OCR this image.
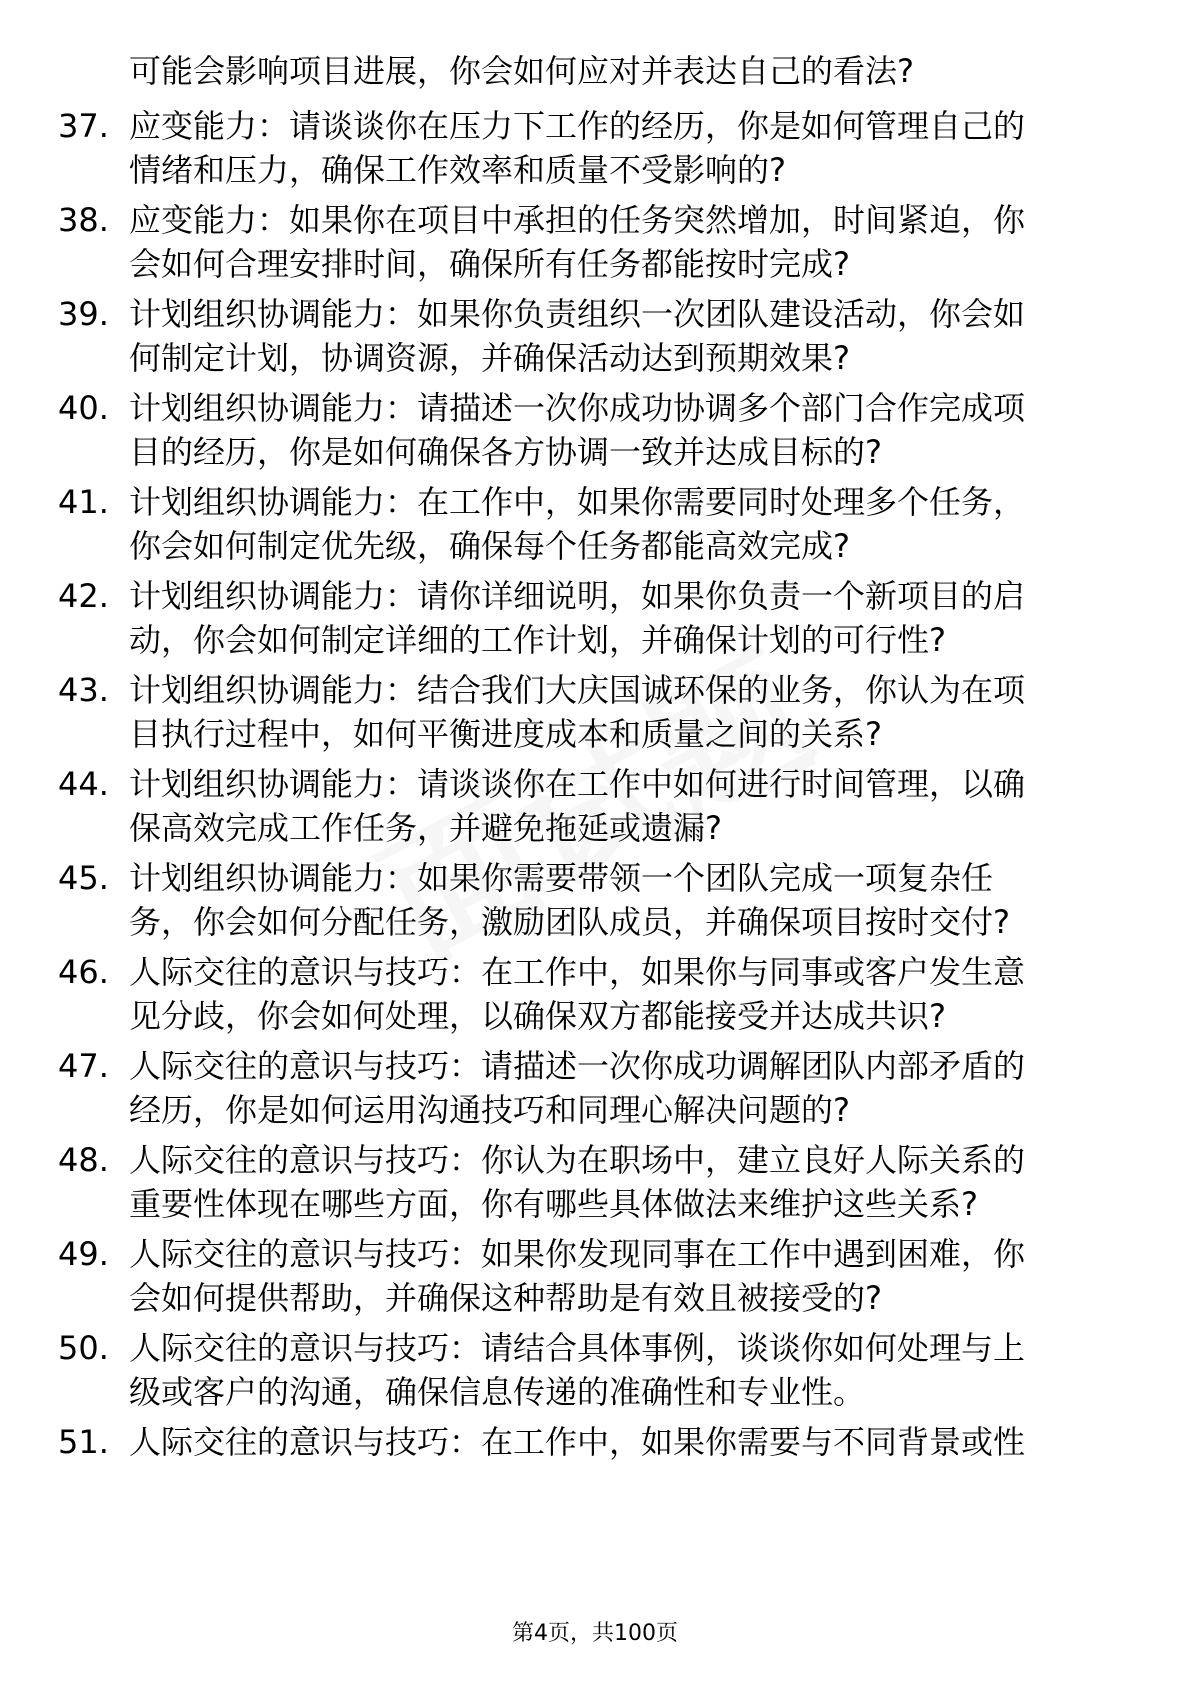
可能会影响项目进展，你会如何应对并表达自己的看法?
37. 应变能力：请谈谈你在压力下工作的经历，你是如何管理自己的
情绪和压力，确保工作效率和质量不受影响的?
38. 应变能力：如果你在项目中承担的任务突然增加，时间紧迫，你
会如何合理安排时间，确保所有任务都能按时完成?
39. 计划组织协调能力：如果你负责组织一次团队建设活动，你会如
何制定计划，协调资源，并确保活动达到预期效果?
40. 计划组织协调能力：请描述一次你成功协调多个部门合作完成项
目的经历，你是如何确保各方协调一致并达成目标的?
41. 计划组织协调能力：在工作中，如果你需要同时处理多个任务，
你会如何制定优先级，确保每个任务都能高效完成?
42. 计划组织协调能力：请你详细说明，如果你负责一个新项目的启
动，你会如何制定详细的工作计划，并确保计划的可行性?
43. 计划组织协调能力：结合我们大庆国诚环保的业务，你认为在项
目执行过程中，如何平衡进度成本和质量之间的关系?
44. 计划组织协调能力：请谈谈你在工作中如何进行时间管理，以确
保高效完成工作任务，并避免拖延或遗漏?
45. 计划组织协调能力：如果你需要带领一个团队完成一项复杂任
务，你会如何分配任务，激励团队成员，并确保项目按时交付?
46. 人际交往的意识与技巧：在工作中，如果你与同事或客户发生意
见分歧，你会如何处理，以确保双方都能接受并达成共识?
47. 人际交往的意识与技巧：请描述一次你成功调解团队内部矛盾的
经历，你是如何运用沟通技巧和同理心解决问题的?
48. 人际交往的意识与技巧：你认为在职场中，建立良好人际关系的
重要性体现在哪些方面，你有哪些具体做法来维护这些关系?
49. 人际交往的意识与技巧：如果你发现同事在工作中遇到困难，你
会如何提供帮助，并确保这种帮助是有效且被接受的?
50. 人际交往的意识与技巧：请结合具体事例，谈谈你如何处理与上
级或客户的沟通，确保信息传递的准确性和专业性。
51. 人际交往的意识与技巧：在工作中，如果你需要与不同背景或性
第4页，共100页
